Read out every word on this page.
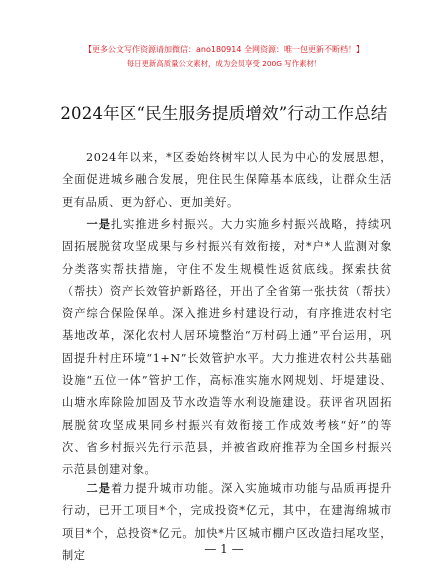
【更多公文写作资源请加微信：ano180914 全网资源：唯一包更新不断档！】
每日更新高质量公文素材，成为会员享受 200G 写作素材！
2024年区“民生服务提质增效”行动工作总结

2024年以来，*区委始终树牢以人民为中心的发展思想，全面促进城乡融合发展，兜住民生保障基本底线，让群众生活更有品质、更为舒心、更加美好。

一是扎实推进乡村振兴。大力实施乡村振兴战略，持续巩固拓展脱贫攻坚成果与乡村振兴有效衔接，对*户*人监测对象分类落实帮扶措施，守住不发生规模性返贫底线。探索扶贫（帮扶）资产长效管护新路径，开出了全省第一张扶贫（帮扶）资产综合保险保单。深入推进乡村建设行动，有序推进农村宅基地改革，深化农村人居环境整治“万村码上通”平台运用，巩固提升村庄环境“1+N”长效管护水平。大力推进农村公共基础设施“五位一体”管护工作，高标准实施水网规划、圩堤建设、山塘水库除险加固及节水改造等水利设施建设。获评省巩固拓展脱贫攻坚成果同乡村振兴有效衔接工作成效考核“好”的等次、省乡村振兴先行示范县，并被省政府推荐为全国乡村振兴示范县创建对象。

二是着力提升城市功能。深入实施城市功能与品质再提升行动，已开工项目*个，完成投资*亿元，其中，在建海绵城市项目*个，总投资*亿元。加快*片区城市棚户区改造扫尾攻坚，制定	— 1 —
